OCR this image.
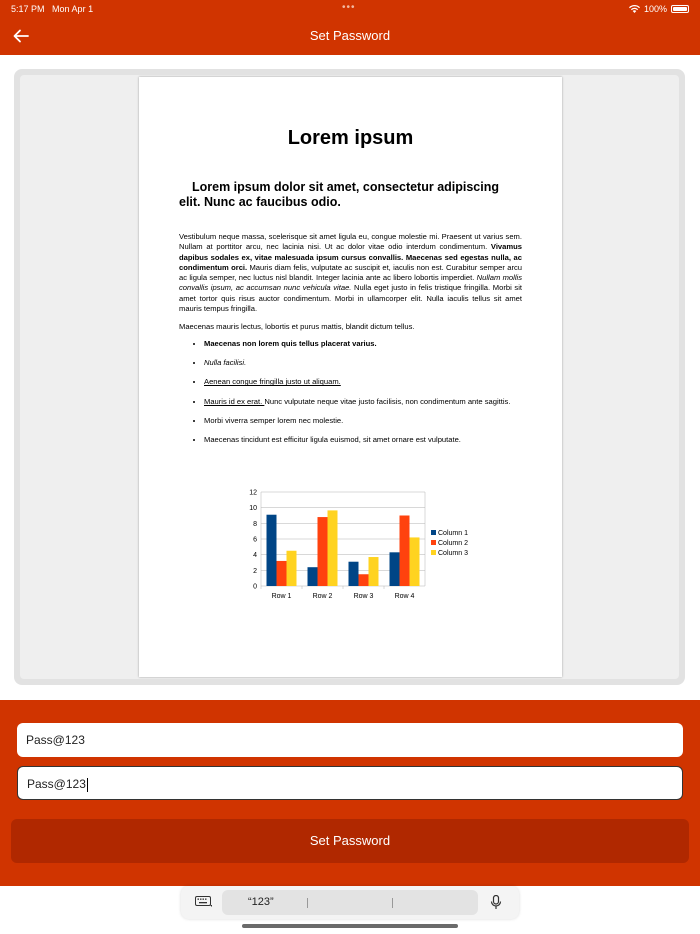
5:17 PM Mon Apr 1	•••	100%
Set Password
Lorem ipsum
Lorem ipsum dolor sit amet, consectetur adipiscing elit. Nunc ac faucibus odio.

Vestibulum neque massa, scelerisque sit amet ligula eu, congue molestie mi. Praesent ut varius sem. Nullam at porttitor arcu, nec lacinia nisi. Ut ac dolor vitae odio interdum condimentum. Vivamus dapibus sodales ex, vitae malesuada ipsum cursus convallis. Maecenas sed egestas nulla, ac condimentum orci. Mauris diam felis, vulputate ac suscipit et, iaculis non est. Curabitur semper arcu ac ligula semper, nec luctus nisl blandit. Integer lacinia ante ac libero lobortis imperdiet. Nullam mollis convallis ipsum, ac accumsan nunc vehicula vitae. Nulla eget justo in felis tristique fringilla. Morbi sit amet tortor quis risus auctor condimentum. Morbi in ullamcorper elit. Nulla iaculis tellus sit amet mauris tempus fringilla.

Maecenas mauris lectus, lobortis et purus mattis, blandit dictum tellus.

• Maecenas non lorem quis tellus placerat varius.
• Nulla facilisi.
• Aenean congue fringilla justo ut aliquam.
• Mauris id ex erat. Nunc vulputate neque vitae justo facilisis, non condimentum ante sagittis.
• Morbi viverra semper lorem nec molestie.
• Maecenas tincidunt est efficitur ligula euismod, sit amet ornare est vulputate.
0
2
4
6
8
10
12
Row 1	Row 2	Row 3	Row 4
Column 1
Column 2
Column 3
Pass@123
Pass@123
Set Password
“123”
